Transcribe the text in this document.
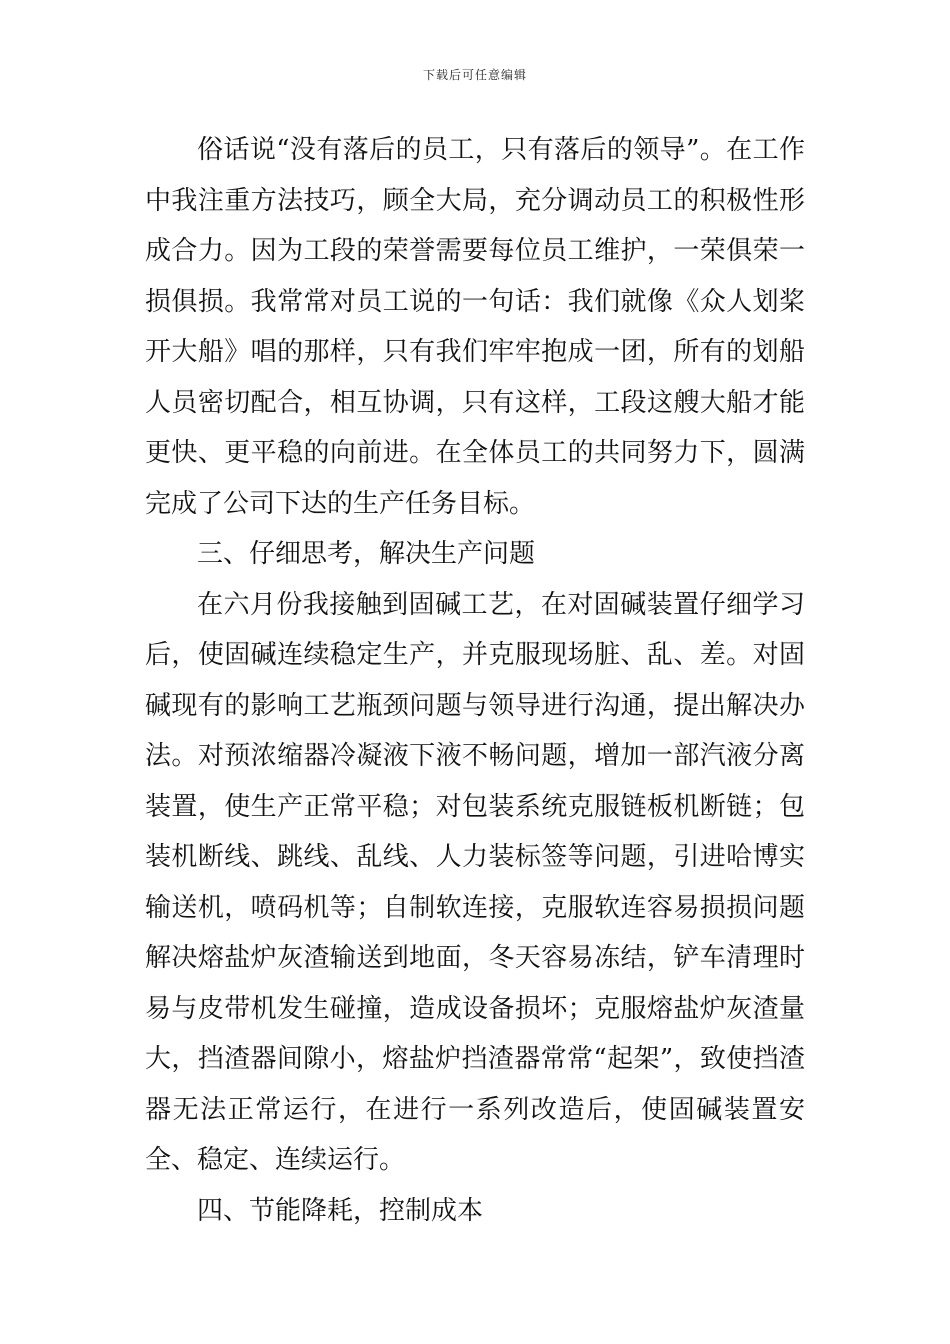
下载后可任意编辑

俗话说“没有落后的员工，只有落后的领导”。在工作中我注重方法技巧，顾全大局，充分调动员工的积极性形成合力。因为工段的荣誉需要每位员工维护，一荣俱荣一损俱损。我常常对员工说的一句话：我们就像《众人划桨开大船》唱的那样，只有我们牢牢抱成一团，所有的划船人员密切配合，相互协调，只有这样，工段这艘大船才能更快、更平稳的向前进。在全体员工的共同努力下，圆满完成了公司下达的生产任务目标。

三、仔细思考，解决生产问题

在六月份我接触到固碱工艺，在对固碱装置仔细学习后，使固碱连续稳定生产，并克服现场脏、乱、差。对固碱现有的影响工艺瓶颈问题与领导进行沟通，提出解决办法。对预浓缩器冷凝液下液不畅问题，增加一部汽液分离装置，使生产正常平稳；对包装系统克服链板机断链；包装机断线、跳线、乱线、人力装标签等问题，引进哈博实输送机，喷码机等；自制软连接，克服软连容易损损问题解决熔盐炉灰渣输送到地面，冬天容易冻结，铲车清理时易与皮带机发生碰撞，造成设备损坏；克服熔盐炉灰渣量大，挡渣器间隙小，熔盐炉挡渣器常常“起架”，致使挡渣器无法正常运行，在进行一系列改造后，使固碱装置安全、稳定、连续运行。

四、节能降耗，控制成本
